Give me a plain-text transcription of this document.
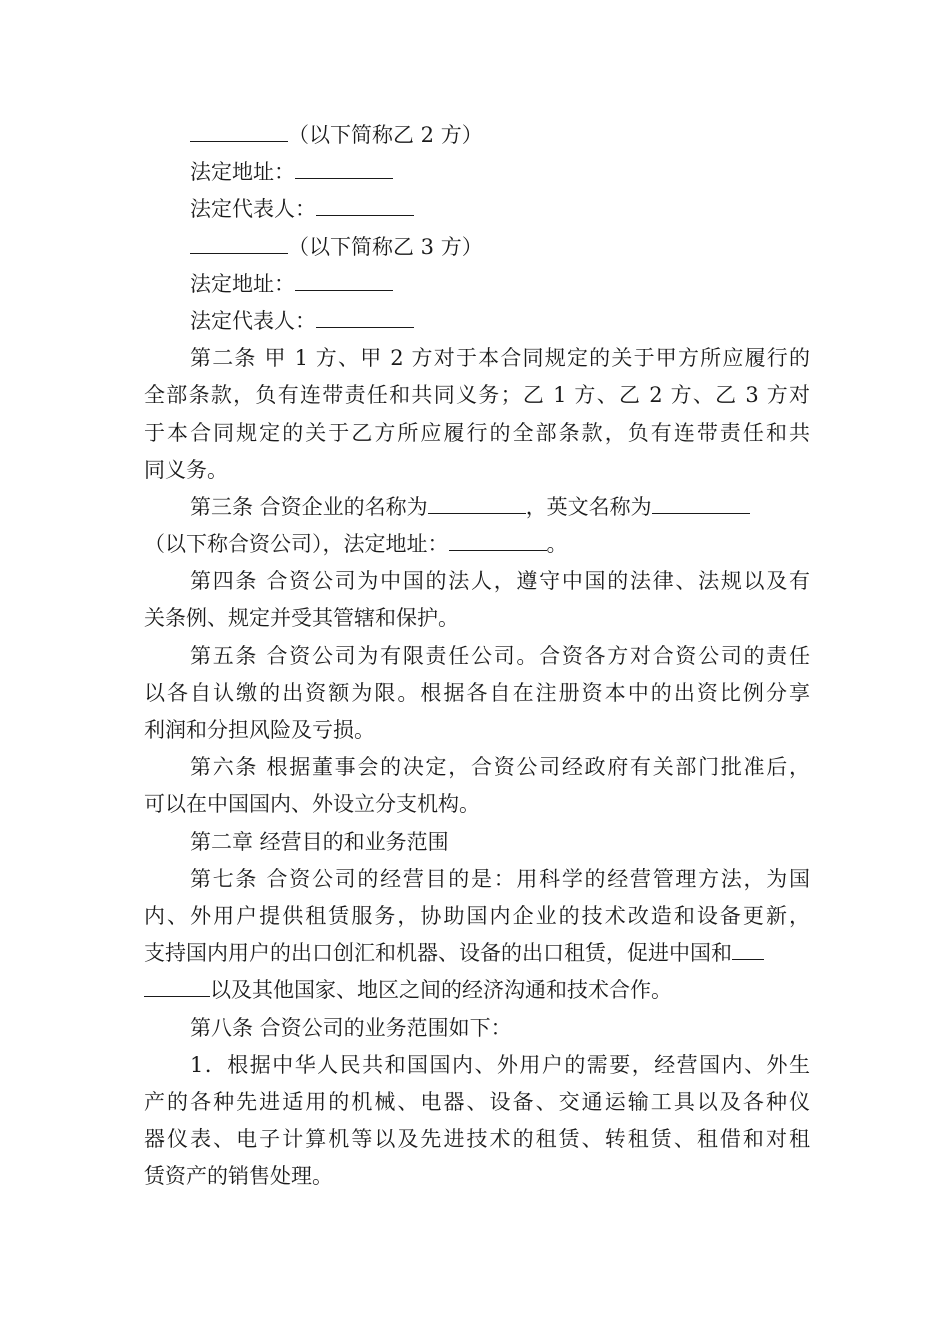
（以下简称乙 2 方）
法定地址：
法定代表人：
（以下简称乙 3 方）
法定地址：
法定代表人：
第二条 甲 1 方、甲 2 方对于本合同规定的关于甲方所应履行的
全部条款，负有连带责任和共同义务；乙 1 方、乙 2 方、乙 3 方对
于本合同规定的关于乙方所应履行的全部条款，负有连带责任和共
同义务。
第三条 合资企业的名称为	，英文名称为
（以下称合资公司），法定地址：	。
第四条 合资公司为中国的法人，遵守中国的法律、法规以及有
关条例、规定并受其管辖和保护。
第五条 合资公司为有限责任公司。合资各方对合资公司的责任
以各自认缴的出资额为限。根据各自在注册资本中的出资比例分享
利润和分担风险及亏损。
第六条 根据董事会的决定，合资公司经政府有关部门批准后，
可以在中国国内、外设立分支机构。
第二章 经营目的和业务范围
第七条 合资公司的经营目的是：用科学的经营管理方法，为国
内、外用户提供租赁服务，协助国内企业的技术改造和设备更新，
支持国内用户的出口创汇和机器、设备的出口租赁，促进中国和
以及其他国家、地区之间的经济沟通和技术合作。
第八条 合资公司的业务范围如下：
1．根据中华人民共和国国内、外用户的需要，经营国内、外生
产的各种先进适用的机械、电器、设备、交通运输工具以及各种仪
器仪表、电子计算机等以及先进技术的租赁、转租赁、租借和对租
赁资产的销售处理。
